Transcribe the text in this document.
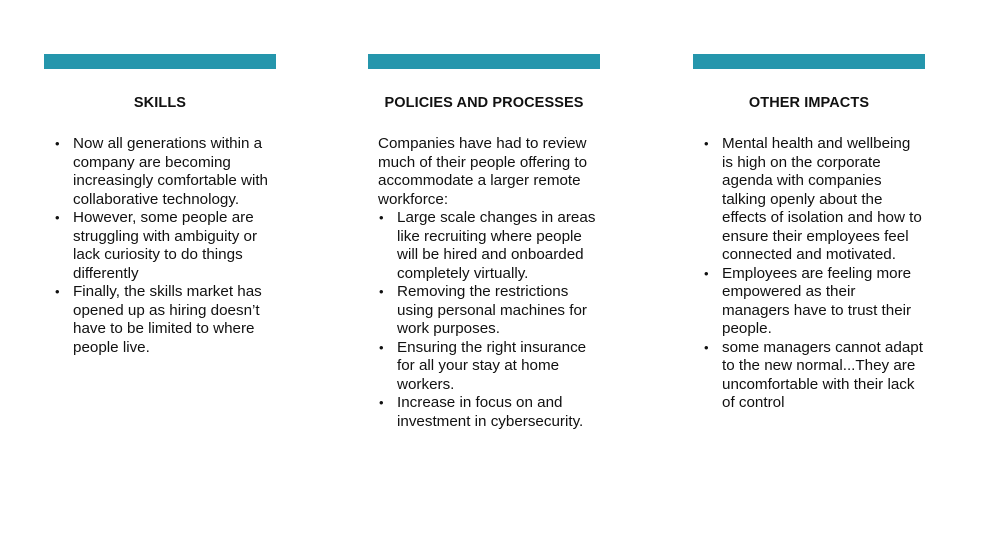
SKILLS
• Now all generations within a company are becoming increasingly comfortable with collaborative technology.
• However, some people are struggling with ambiguity or lack curiosity to do things differently
• Finally, the skills market has opened up as hiring doesn’t have to be limited to where people live.
POLICIES AND PROCESSES

Companies have had to review much of their people offering to accommodate a larger remote workforce:

• Large scale changes in areas like recruiting where people will be hired and onboarded completely virtually.
• Removing the restrictions using personal machines for work purposes.
• Ensuring the right insurance for all your stay at home workers.
• Increase in focus on and investment in cybersecurity.
OTHER IMPACTS
• Mental health and wellbeing is high on the corporate agenda with companies talking openly about the effects of isolation and how to ensure their employees feel connected and motivated.
• Employees are feeling more empowered as their managers have to trust their people.
• some managers cannot adapt to the new normal...They are uncomfortable with their lack of control
